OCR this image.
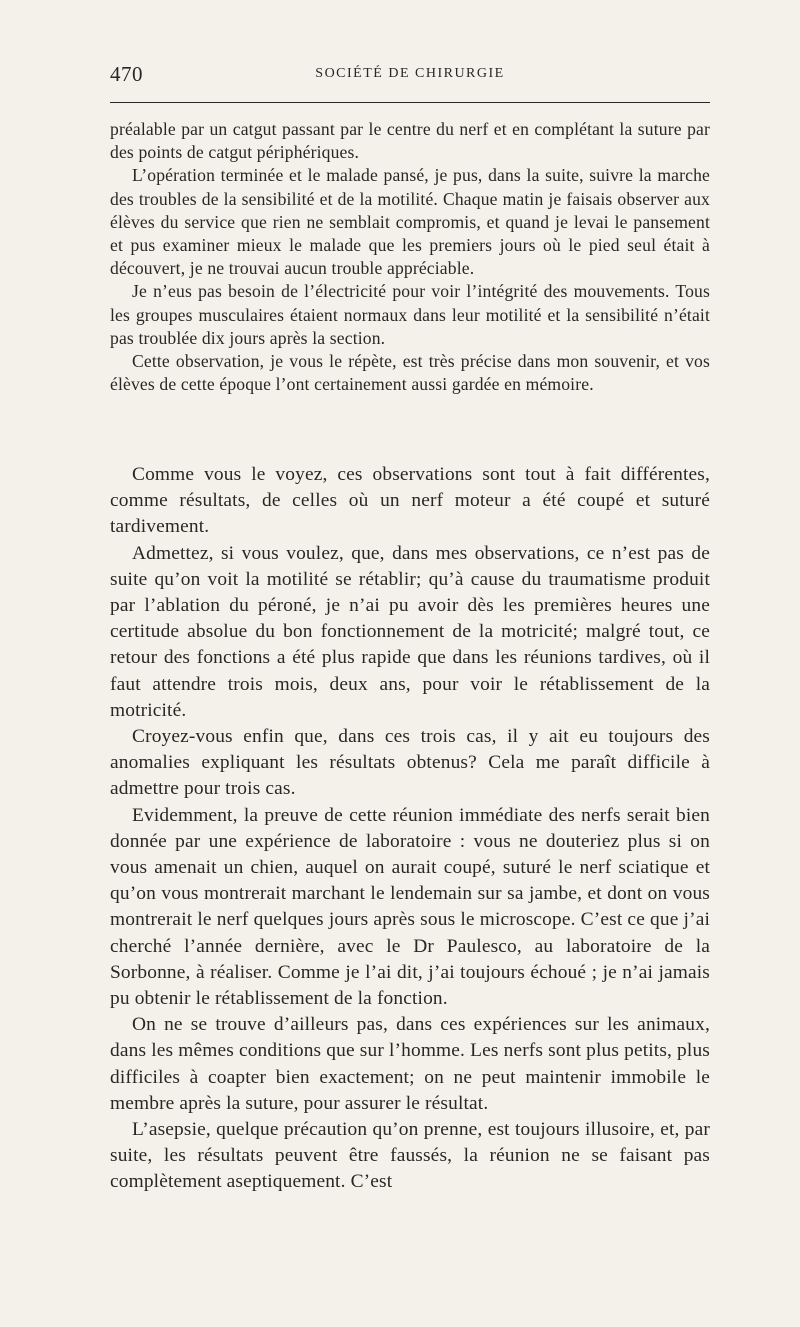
470	SOCIÉTÉ DE CHIRURGIE

préalable par un catgut passant par le centre du nerf et en complétant la suture par des points de catgut périphériques.

L’opération terminée et le malade pansé, je pus, dans la suite, suivre la marche des troubles de la sensibilité et de la motilité. Chaque matin je faisais observer aux élèves du service que rien ne semblait compromis, et quand je levai le pansement et pus examiner mieux le malade que les premiers jours où le pied seul était à découvert, je ne trouvai aucun trouble appréciable.

Je n’eus pas besoin de l’électricité pour voir l’intégrité des mouvements. Tous les groupes musculaires étaient normaux dans leur motilité et la sensibilité n’était pas troublée dix jours après la section.

Cette observation, je vous le répète, est très précise dans mon souvenir, et vos élèves de cette époque l’ont certainement aussi gardée en mémoire.

Comme vous le voyez, ces observations sont tout à fait différentes, comme résultats, de celles où un nerf moteur a été coupé et suturé tardivement.

Admettez, si vous voulez, que, dans mes observations, ce n’est pas de suite qu’on voit la motilité se rétablir; qu’à cause du traumatisme produit par l’ablation du péroné, je n’ai pu avoir dès les premières heures une certitude absolue du bon fonctionnement de la motricité; malgré tout, ce retour des fonctions a été plus rapide que dans les réunions tardives, où il faut attendre trois mois, deux ans, pour voir le rétablissement de la motricité.

Croyez-vous enfin que, dans ces trois cas, il y ait eu toujours des anomalies expliquant les résultats obtenus? Cela me paraît difficile à admettre pour trois cas.

Evidemment, la preuve de cette réunion immédiate des nerfs serait bien donnée par une expérience de laboratoire : vous ne douteriez plus si on vous amenait un chien, auquel on aurait coupé, suturé le nerf sciatique et qu’on vous montrerait marchant le lendemain sur sa jambe, et dont on vous montrerait le nerf quelques jours après sous le microscope. C’est ce que j’ai cherché l’année dernière, avec le Dr Paulesco, au laboratoire de la Sorbonne, à réaliser. Comme je l’ai dit, j’ai toujours échoué ; je n’ai jamais pu obtenir le rétablissement de la fonction.

On ne se trouve d’ailleurs pas, dans ces expériences sur les animaux, dans les mêmes conditions que sur l’homme. Les nerfs sont plus petits, plus difficiles à coapter bien exactement; on ne peut maintenir immobile le membre après la suture, pour assurer le résultat.

L’asepsie, quelque précaution qu’on prenne, est toujours illusoire, et, par suite, les résultats peuvent être faussés, la réunion ne se faisant pas complètement aseptiquement. C’est
